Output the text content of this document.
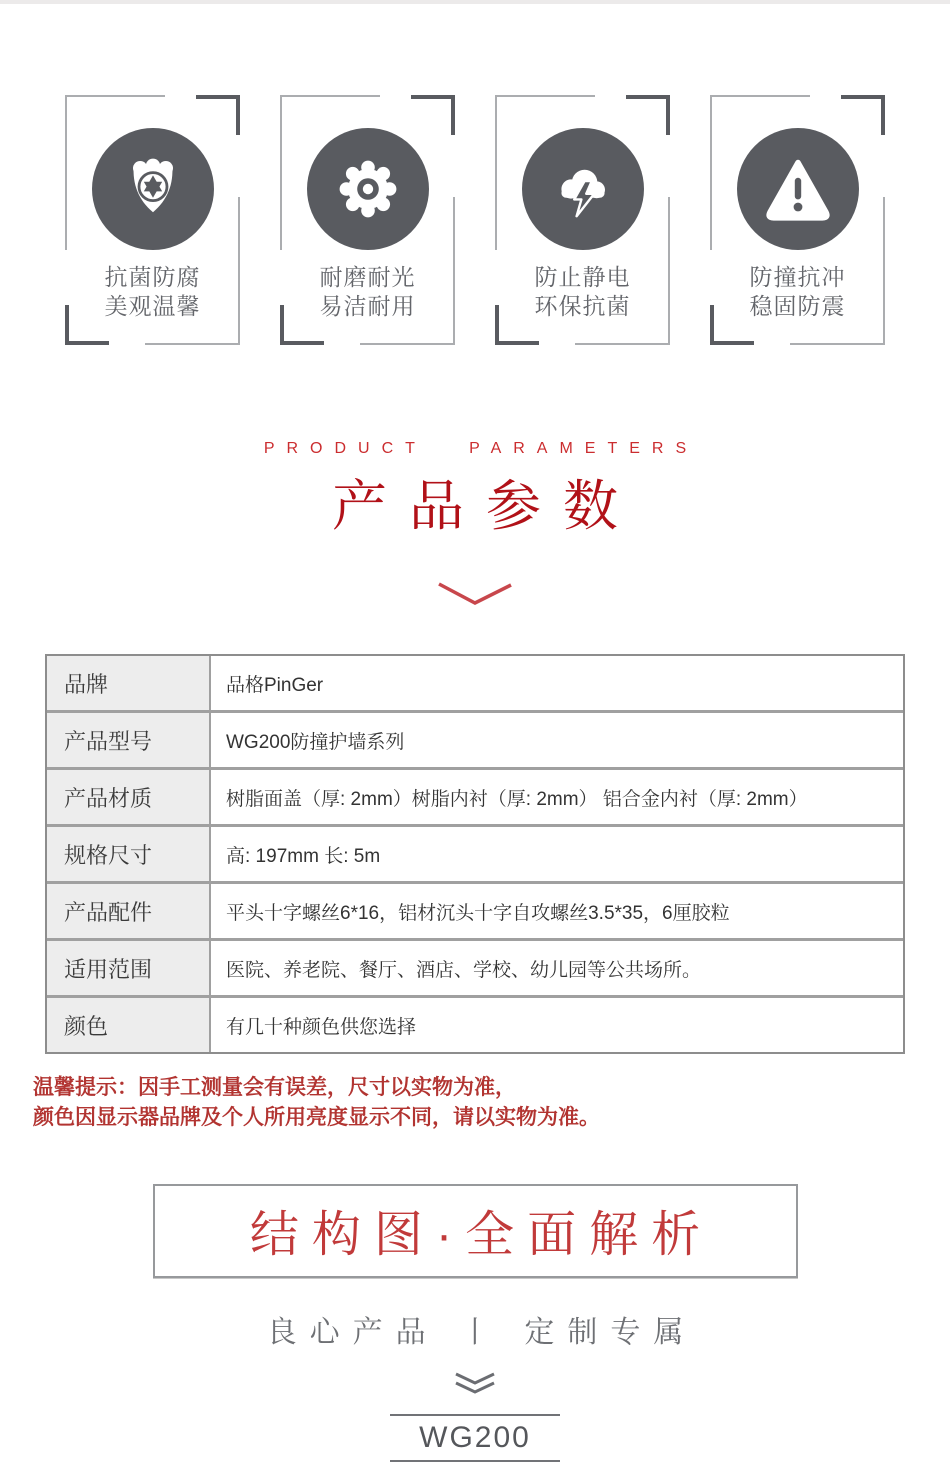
抗菌防腐
美观温馨
耐磨耐光
易洁耐用
防止静电
环保抗菌
防撞抗冲
稳固防震
PRODUCT PARAMETERS
产品参数
品牌	品格PinGer
产品型号	WG200防撞护墙系列
产品材质	树脂面盖（厚: 2mm）树脂内衬（厚: 2mm） 铝合金内衬（厚: 2mm）
规格尺寸	高: 197mm 长: 5m
产品配件	平头十字螺丝6*16，铝材沉头十字自攻螺丝3.5*35，6厘胶粒
适用范围	医院、养老院、餐厅、酒店、学校、幼儿园等公共场所。
颜色	有几十种颜色供您选择
温馨提示：因手工测量会有误差，尺寸以实物为准，
颜色因显示器品牌及个人所用亮度显示不同，请以实物为准。
结构图·全面解析
良心产品 丨 定制专属
WG200
